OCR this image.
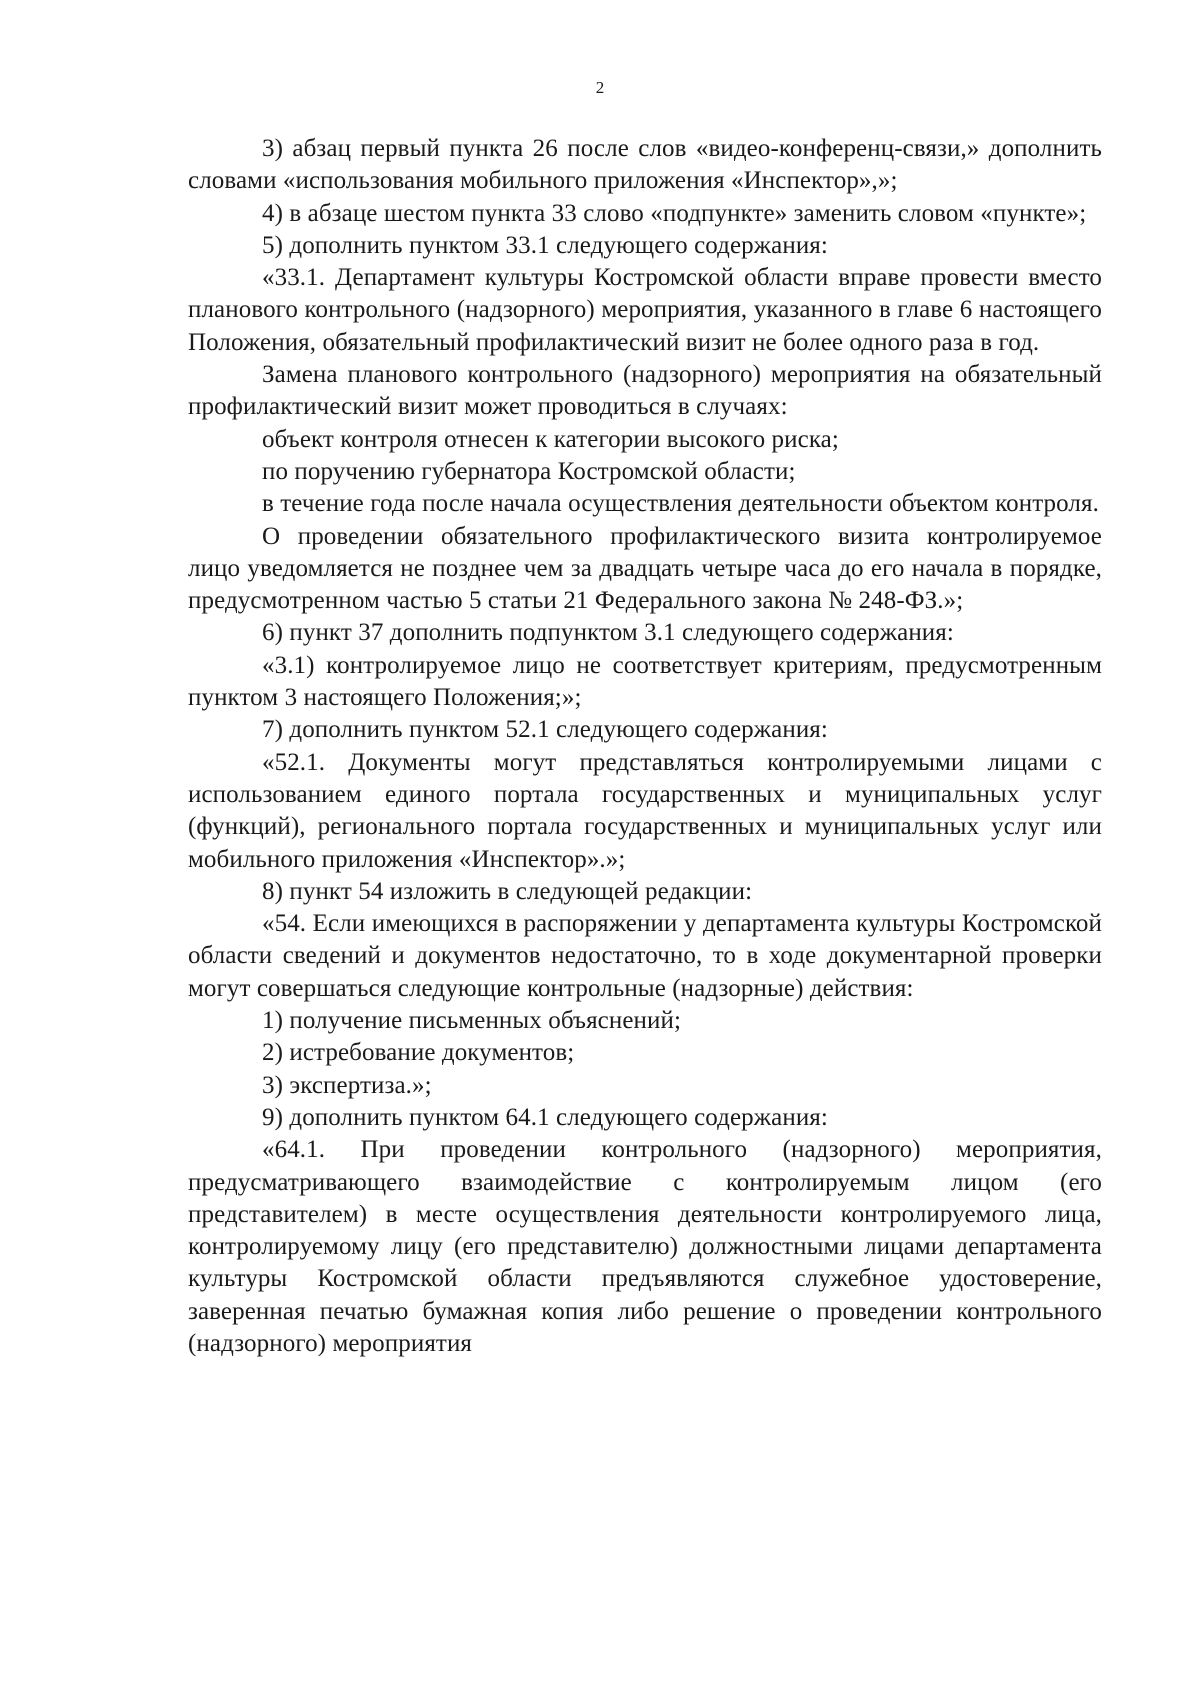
2

3) абзац первый пункта 26 после слов «видео-конференц-связи,» дополнить словами «использования мобильного приложения «Инспектор»,»;

4) в абзаце шестом пункта 33 слово «подпункте» заменить словом «пункте»;

5) дополнить пунктом 33.1 следующего содержания:

«33.1. Департамент культуры Костромской области вправе провести вместо планового контрольного (надзорного) мероприятия, указанного в главе 6 настоящего Положения, обязательный профилактический визит не более одного раза в год.

Замена планового контрольного (надзорного) мероприятия на обязательный профилактический визит может проводиться в случаях:

объект контроля отнесен к категории высокого риска;

по поручению губернатора Костромской области;

в течение года после начала осуществления деятельности объектом контроля.

О проведении обязательного профилактического визита контролируемое лицо уведомляется не позднее чем за двадцать четыре часа до его начала в порядке, предусмотренном частью 5 статьи 21 Федерального закона № 248-ФЗ.»;

6) пункт 37 дополнить подпунктом 3.1 следующего содержания:

«3.1) контролируемое лицо не соответствует критериям, предусмотренным пунктом 3 настоящего Положения;»;

7) дополнить пунктом 52.1 следующего содержания:

«52.1. Документы могут представляться контролируемыми лицами с использованием единого портала государственных и муниципальных услуг (функций), регионального портала государственных и муниципальных услуг или мобильного приложения «Инспектор».»;

8) пункт 54 изложить в следующей редакции:

«54. Если имеющихся в распоряжении у департамента культуры Костромской области сведений и документов недостаточно, то в ходе документарной проверки могут совершаться следующие контрольные (надзорные) действия:

1) получение письменных объяснений;

2) истребование документов;

3) экспертиза.»;

9) дополнить пунктом 64.1 следующего содержания:

«64.1. При проведении контрольного (надзорного) мероприятия, предусматривающего взаимодействие с контролируемым лицом (его представителем) в месте осуществления деятельности контролируемого лица, контролируемому лицу (его представителю) должностными лицами департамента культуры Костромской области предъявляются служебное удостоверение, заверенная печатью бумажная копия либо решение о проведении контрольного (надзорного) мероприятия
